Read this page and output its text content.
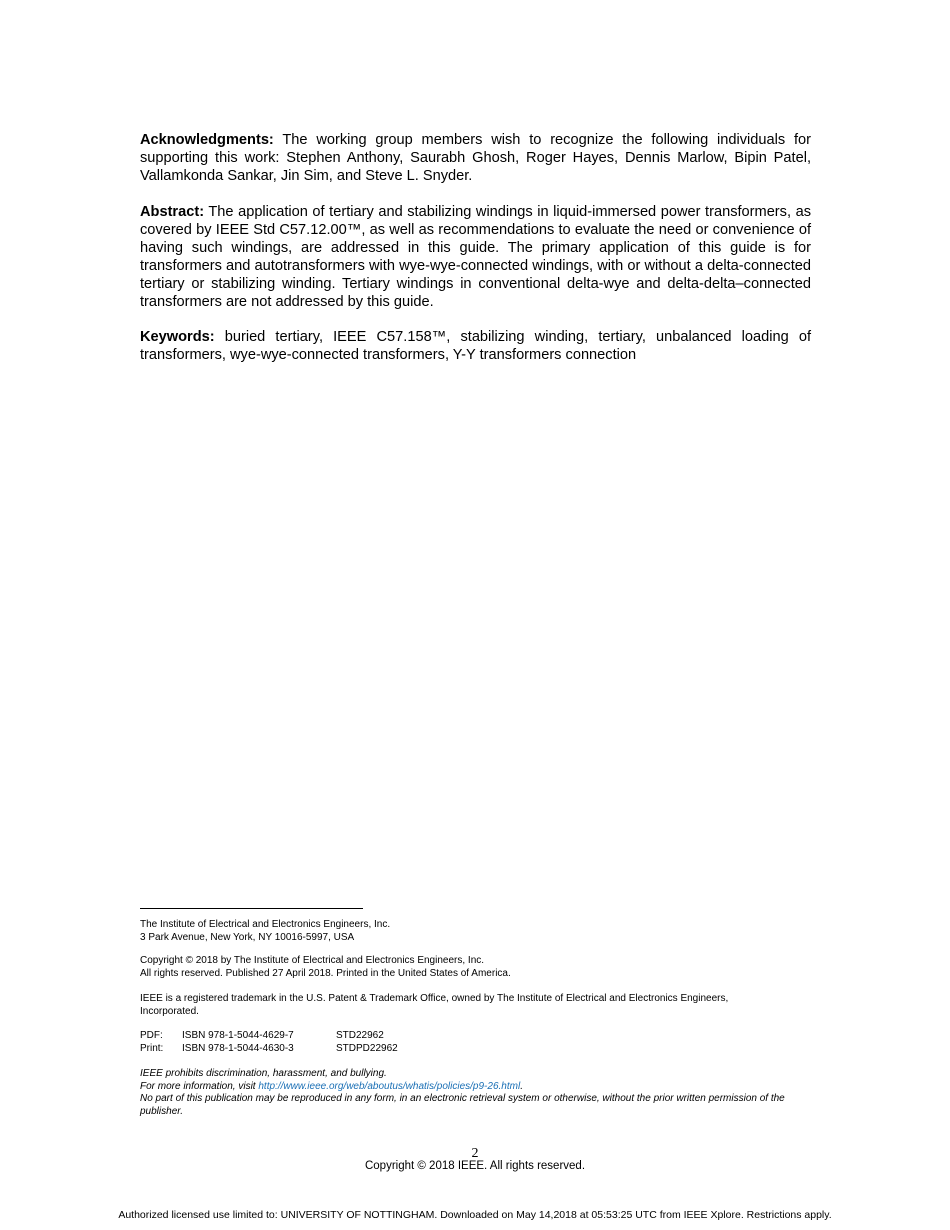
Acknowledgments: The working group members wish to recognize the following individuals for supporting this work: Stephen Anthony, Saurabh Ghosh, Roger Hayes, Dennis Marlow, Bipin Patel, Vallamkonda Sankar, Jin Sim, and Steve L. Snyder.

Abstract: The application of tertiary and stabilizing windings in liquid-immersed power transformers, as covered by IEEE Std C57.12.00™, as well as recommendations to evaluate the need or convenience of having such windings, are addressed in this guide. The primary application of this guide is for transformers and autotransformers with wye-wye-connected windings, with or without a delta-connected tertiary or stabilizing winding. Tertiary windings in conventional delta-wye and delta-delta–connected transformers are not addressed by this guide.

Keywords: buried tertiary, IEEE C57.158™, stabilizing winding, tertiary, unbalanced loading of transformers, wye-wye-connected transformers, Y-Y transformers connection

The Institute of Electrical and Electronics Engineers, Inc.
3 Park Avenue, New York, NY 10016-5997, USA
Copyright © 2018 by The Institute of Electrical and Electronics Engineers, Inc.
All rights reserved. Published 27 April 2018. Printed in the United States of America.
IEEE is a registered trademark in the U.S. Patent & Trademark Office, owned by The Institute of Electrical and Electronics Engineers, Incorporated.
PDF:	ISBN 978-1-5044-4629-7	STD22962
Print:	ISBN 978-1-5044-4630-3	STDPD22962
IEEE prohibits discrimination, harassment, and bullying.
For more information, visit http://www.ieee.org/web/aboutus/whatis/policies/p9-26.html.
No part of this publication may be reproduced in any form, in an electronic retrieval system or otherwise, without the prior written permission of the publisher.
2
Copyright © 2018 IEEE. All rights reserved.
Authorized licensed use limited to: UNIVERSITY OF NOTTINGHAM. Downloaded on May 14,2018 at 05:53:25 UTC from IEEE Xplore. Restrictions apply.
